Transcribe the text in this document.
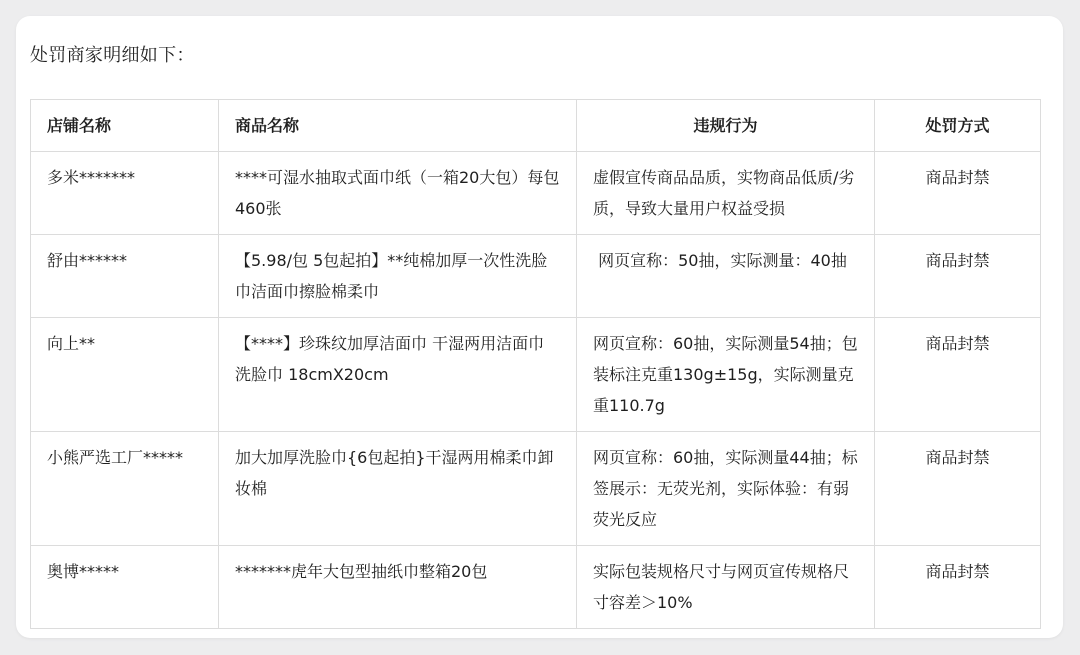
处罚商家明细如下：
店铺名称	商品名称	违规行为	处罚方式
多米*******	****可湿水抽取式面巾纸（一箱20大包）每包460张	虚假宣传商品品质，实物商品低质/劣质，导致大量用户权益受损	商品封禁
舒由******	【5.98/包 5包起拍】**纯棉加厚一次性洗脸巾洁面巾擦脸棉柔巾	网页宣称：50抽，实际测量：40抽	商品封禁
向上**	【****】珍珠纹加厚洁面巾 干湿两用洁面巾 洗脸巾 18cmX20cm	网页宣称：60抽，实际测量54抽；包装标注克重130g±15g，实际测量克重110.7g	商品封禁
小熊严选工厂*****	加大加厚洗脸巾{6包起拍}干湿两用棉柔巾卸妆棉	网页宣称：60抽，实际测量44抽；标签展示：无荧光剂，实际体验：有弱荧光反应	商品封禁
奥博*****	*******虎年大包型抽纸巾整箱20包	实际包装规格尺寸与网页宣传规格尺寸容差＞10%	商品封禁
